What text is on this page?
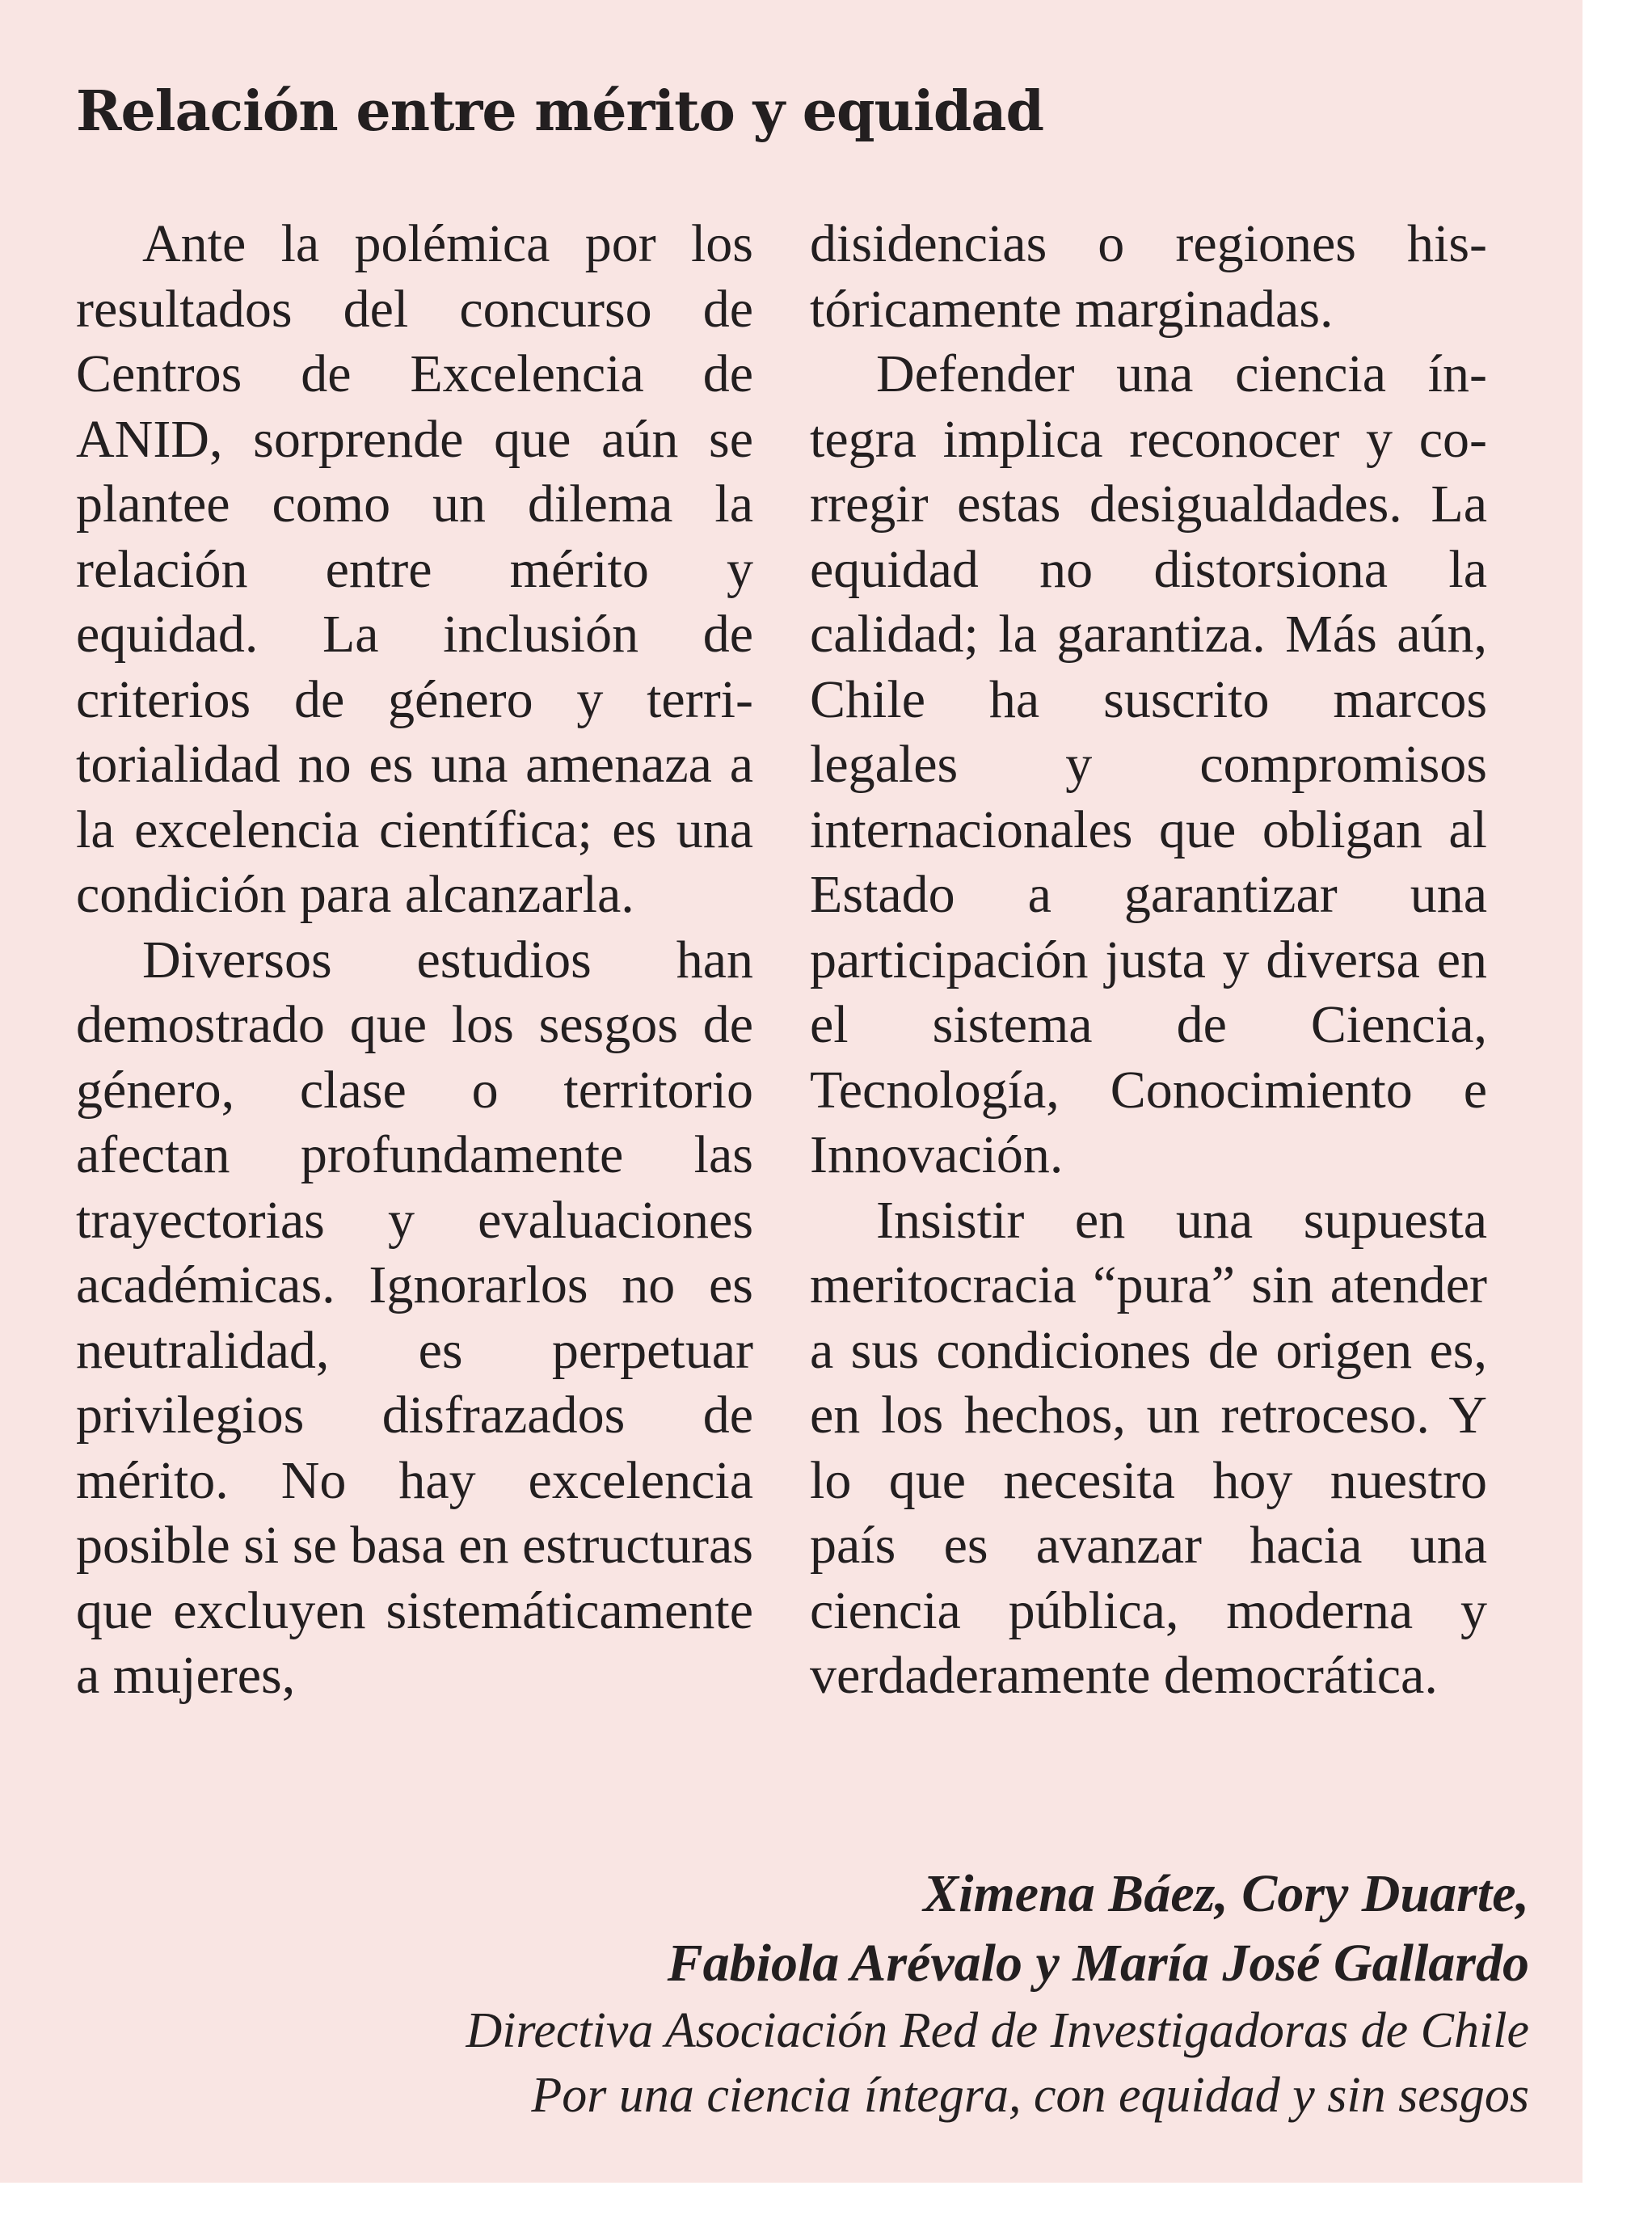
Relación entre mérito y equidad

Ante la polémica por los resultados del concurso de Centros de Excelencia de ANID, sorprende que aún se plantee como un dilema la relación entre mérito y equidad. La inclusión de criterios de género y territorialidad no es una amenaza a la excelencia científica; es una condición para alcanzarla.

Diversos estudios han demostrado que los sesgos de género, clase o territorio afectan profundamente las trayectorias y evaluaciones académicas. Ignorarlos no es neutralidad, es perpetuar privilegios disfrazados de mérito. No hay excelencia posible si se basa en estructuras que excluyen sistemáticamente a mujeres,

disidencias o regiones históricamente marginadas.

Defender una ciencia íntegra implica reconocer y corregir estas desigualdades. La equidad no distorsiona la calidad; la garantiza. Más aún, Chile ha suscrito marcos legales y compromisos internacionales que obligan al Estado a garantizar una participación justa y diversa en el sistema de Ciencia, Tecnología, Conocimiento e Innovación.

Insistir en una supuesta meritocracia “pura” sin atender a sus condiciones de origen es, en los hechos, un retroceso. Y lo que necesita hoy nuestro país es avanzar hacia una ciencia pública, moderna y verdaderamente democrática.

Ximena Báez, Cory Duarte,
Fabiola Arévalo y María José Gallardo
Directiva Asociación Red de Investigadoras de Chile
Por una ciencia íntegra, con equidad y sin sesgos
